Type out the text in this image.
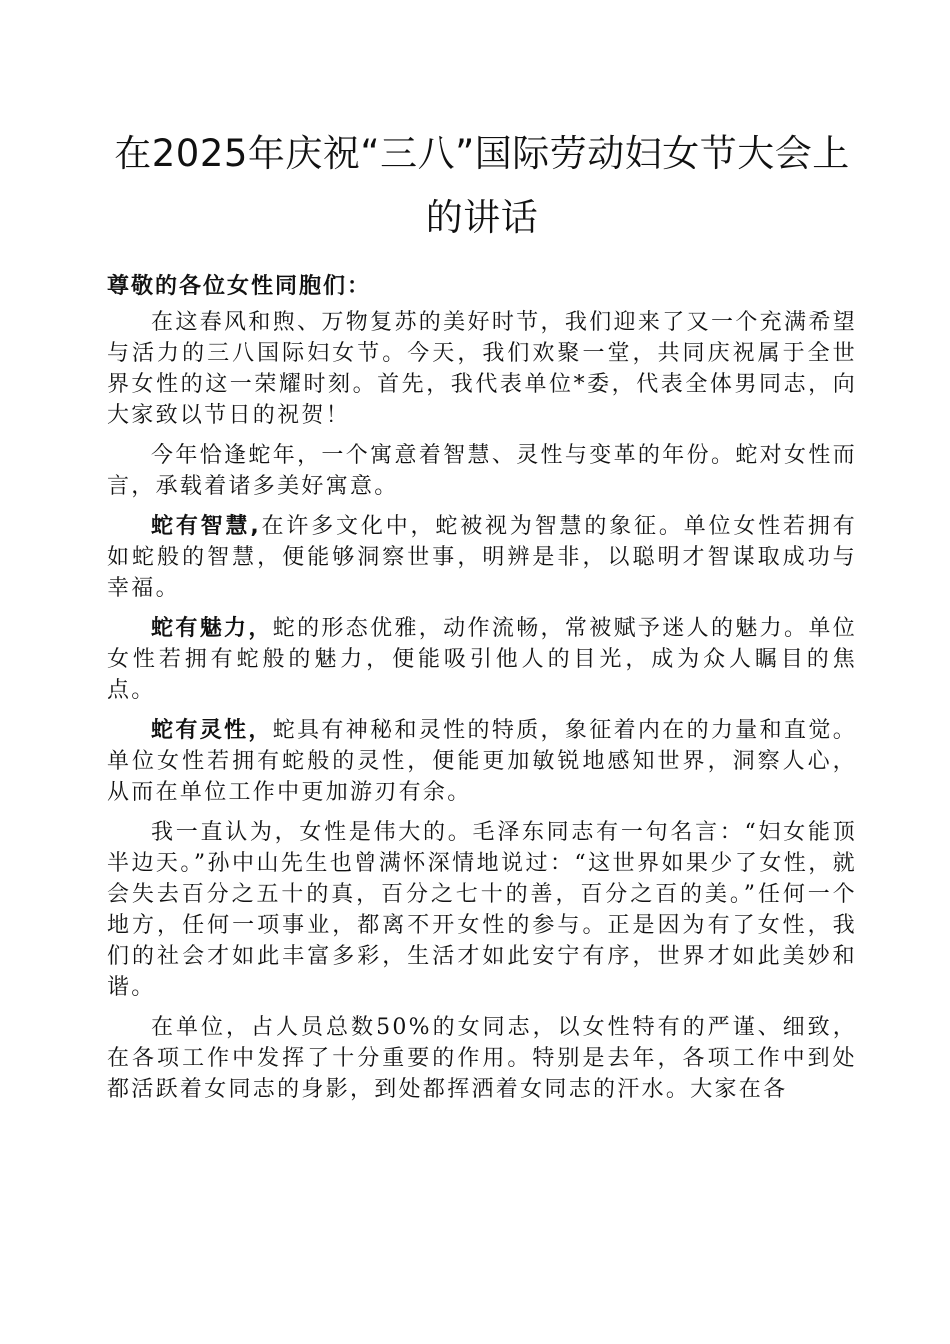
在2025年庆祝“三八”国际劳动妇女节大会上
的讲话

尊敬的各位女性同胞们：

在这春风和煦、万物复苏的美好时节，我们迎来了又一个充满希望与活力的三八国际妇女节。今天，我们欢聚一堂，共同庆祝属于全世界女性的这一荣耀时刻。首先，我代表单位*委，代表全体男同志，向大家致以节日的祝贺！

今年恰逢蛇年，一个寓意着智慧、灵性与变革的年份。蛇对女性而言，承载着诸多美好寓意。

蛇有智慧,在许多文化中，蛇被视为智慧的象征。单位女性若拥有如蛇般的智慧，便能够洞察世事，明辨是非，以聪明才智谋取成功与幸福。

蛇有魅力，蛇的形态优雅，动作流畅，常被赋予迷人的魅力。单位女性若拥有蛇般的魅力，便能吸引他人的目光，成为众人瞩目的焦点。

蛇有灵性，蛇具有神秘和灵性的特质，象征着内在的力量和直觉。单位女性若拥有蛇般的灵性，便能更加敏锐地感知世界，洞察人心，从而在单位工作中更加游刃有余。

我一直认为，女性是伟大的。毛泽东同志有一句名言：“妇女能顶半边天。”孙中山先生也曾满怀深情地说过：“这世界如果少了女性，就会失去百分之五十的真，百分之七十的善，百分之百的美。”任何一个地方，任何一项事业，都离不开女性的参与。正是因为有了女性，我们的社会才如此丰富多彩，生活才如此安宁有序，世界才如此美妙和谐。

在单位，占人员总数50%的女同志，以女性特有的严谨、细致，在各项工作中发挥了十分重要的作用。特别是去年，各项工作中到处都活跃着女同志的身影，到处都挥洒着女同志的汗水。大家在各
